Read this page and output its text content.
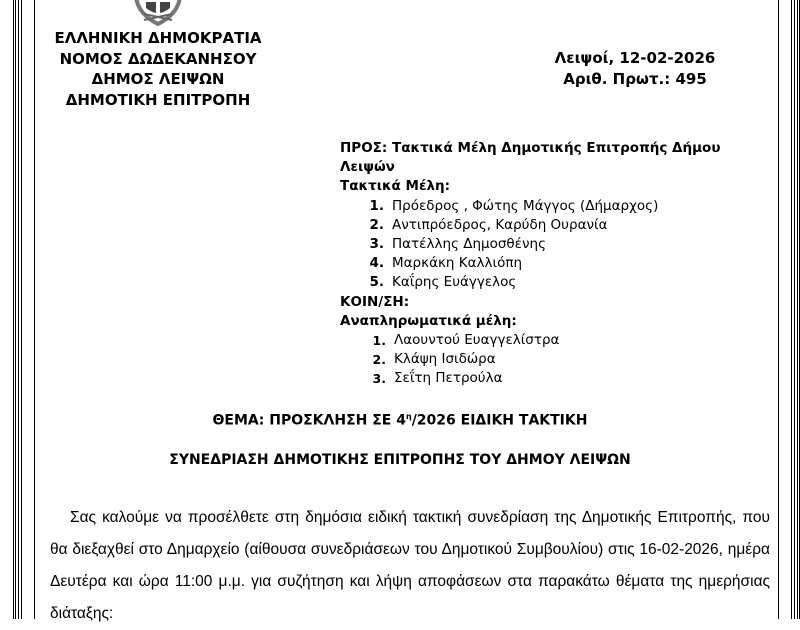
ΕΛΛΗΝΙΚΗ ΔΗΜΟΚΡΑΤΙΑ
ΝΟΜΟΣ ΔΩΔΕΚΑΝΗΣΟΥ
ΔΗΜΟΣ ΛΕΙΨΩΝ
ΔΗΜΟΤΙΚΗ ΕΠΙΤΡΟΠΗ
Λειψοί, 12-02-2026
Αριθ. Πρωτ.: 495
ΠΡΟΣ: Τακτικά Μέλη Δημοτικής Επιτροπής Δήμου
Λειψών
Τακτικά Μέλη:
1. Πρόεδρος , Φώτης Μάγγος (Δήμαρχος)
2. Αντιπρόεδρος, Καρύδη Ουρανία
3. Πατέλλης Δημοσθένης
4. Μαρκάκη Καλλιόπη
5. Καΐρης Ευάγγελος
ΚΟΙΝ/ΣΗ:
Αναπληρωματικά μέλη:
1. Λαουντού Ευαγγελίστρα
2. Κλάψη Ισιδώρα
3. Σεΐτη Πετρούλα
ΘΕΜΑ: ΠΡΟΣΚΛΗΣΗ ΣΕ $4^\eta/2026$ ΕΙΔΙΚΗ ΤΑΚΤΙΚΗ
ΣΥΝΕΔΡΙΑΣΗ ΔΗΜΟΤΙΚΗΣ ΕΠΙΤΡΟΠΗΣ ΤΟΥ ΔΗΜΟΥ ΛΕΙΨΩΝ
Σας καλούμε να προσέλθετε στη δημόσια ειδική τακτική συνεδρίαση της Δημοτικής Επιτροπής, που θα διεξαχθεί στο Δημαρχείο (αίθουσα συνεδριάσεων του Δημοτικού Συμβουλίου) στις 16-02-2026, ημέρα Δευτέρα και ώρα 11:00 μ.μ. για συζήτηση και λήψη αποφάσεων στα παρακάτω θέματα της ημερήσιας διάταξης:
